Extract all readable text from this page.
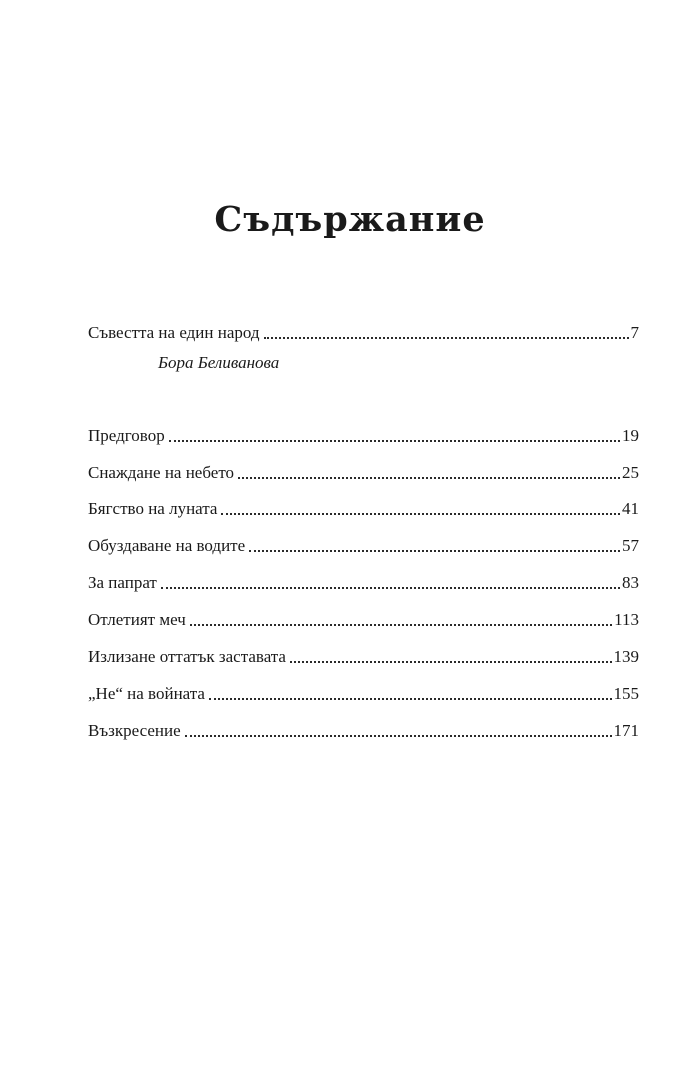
Съдържание
Съвестта на един народ	7
Бора Беливанова
Предговор	19
Снаждане на небето	25
Бягство на луната	41
Обуздаване на водите	57
За папрат	83
Отлетият меч	113
Излизане оттатък заставата	139
„Не“ на войната	155
Възкресение	171
